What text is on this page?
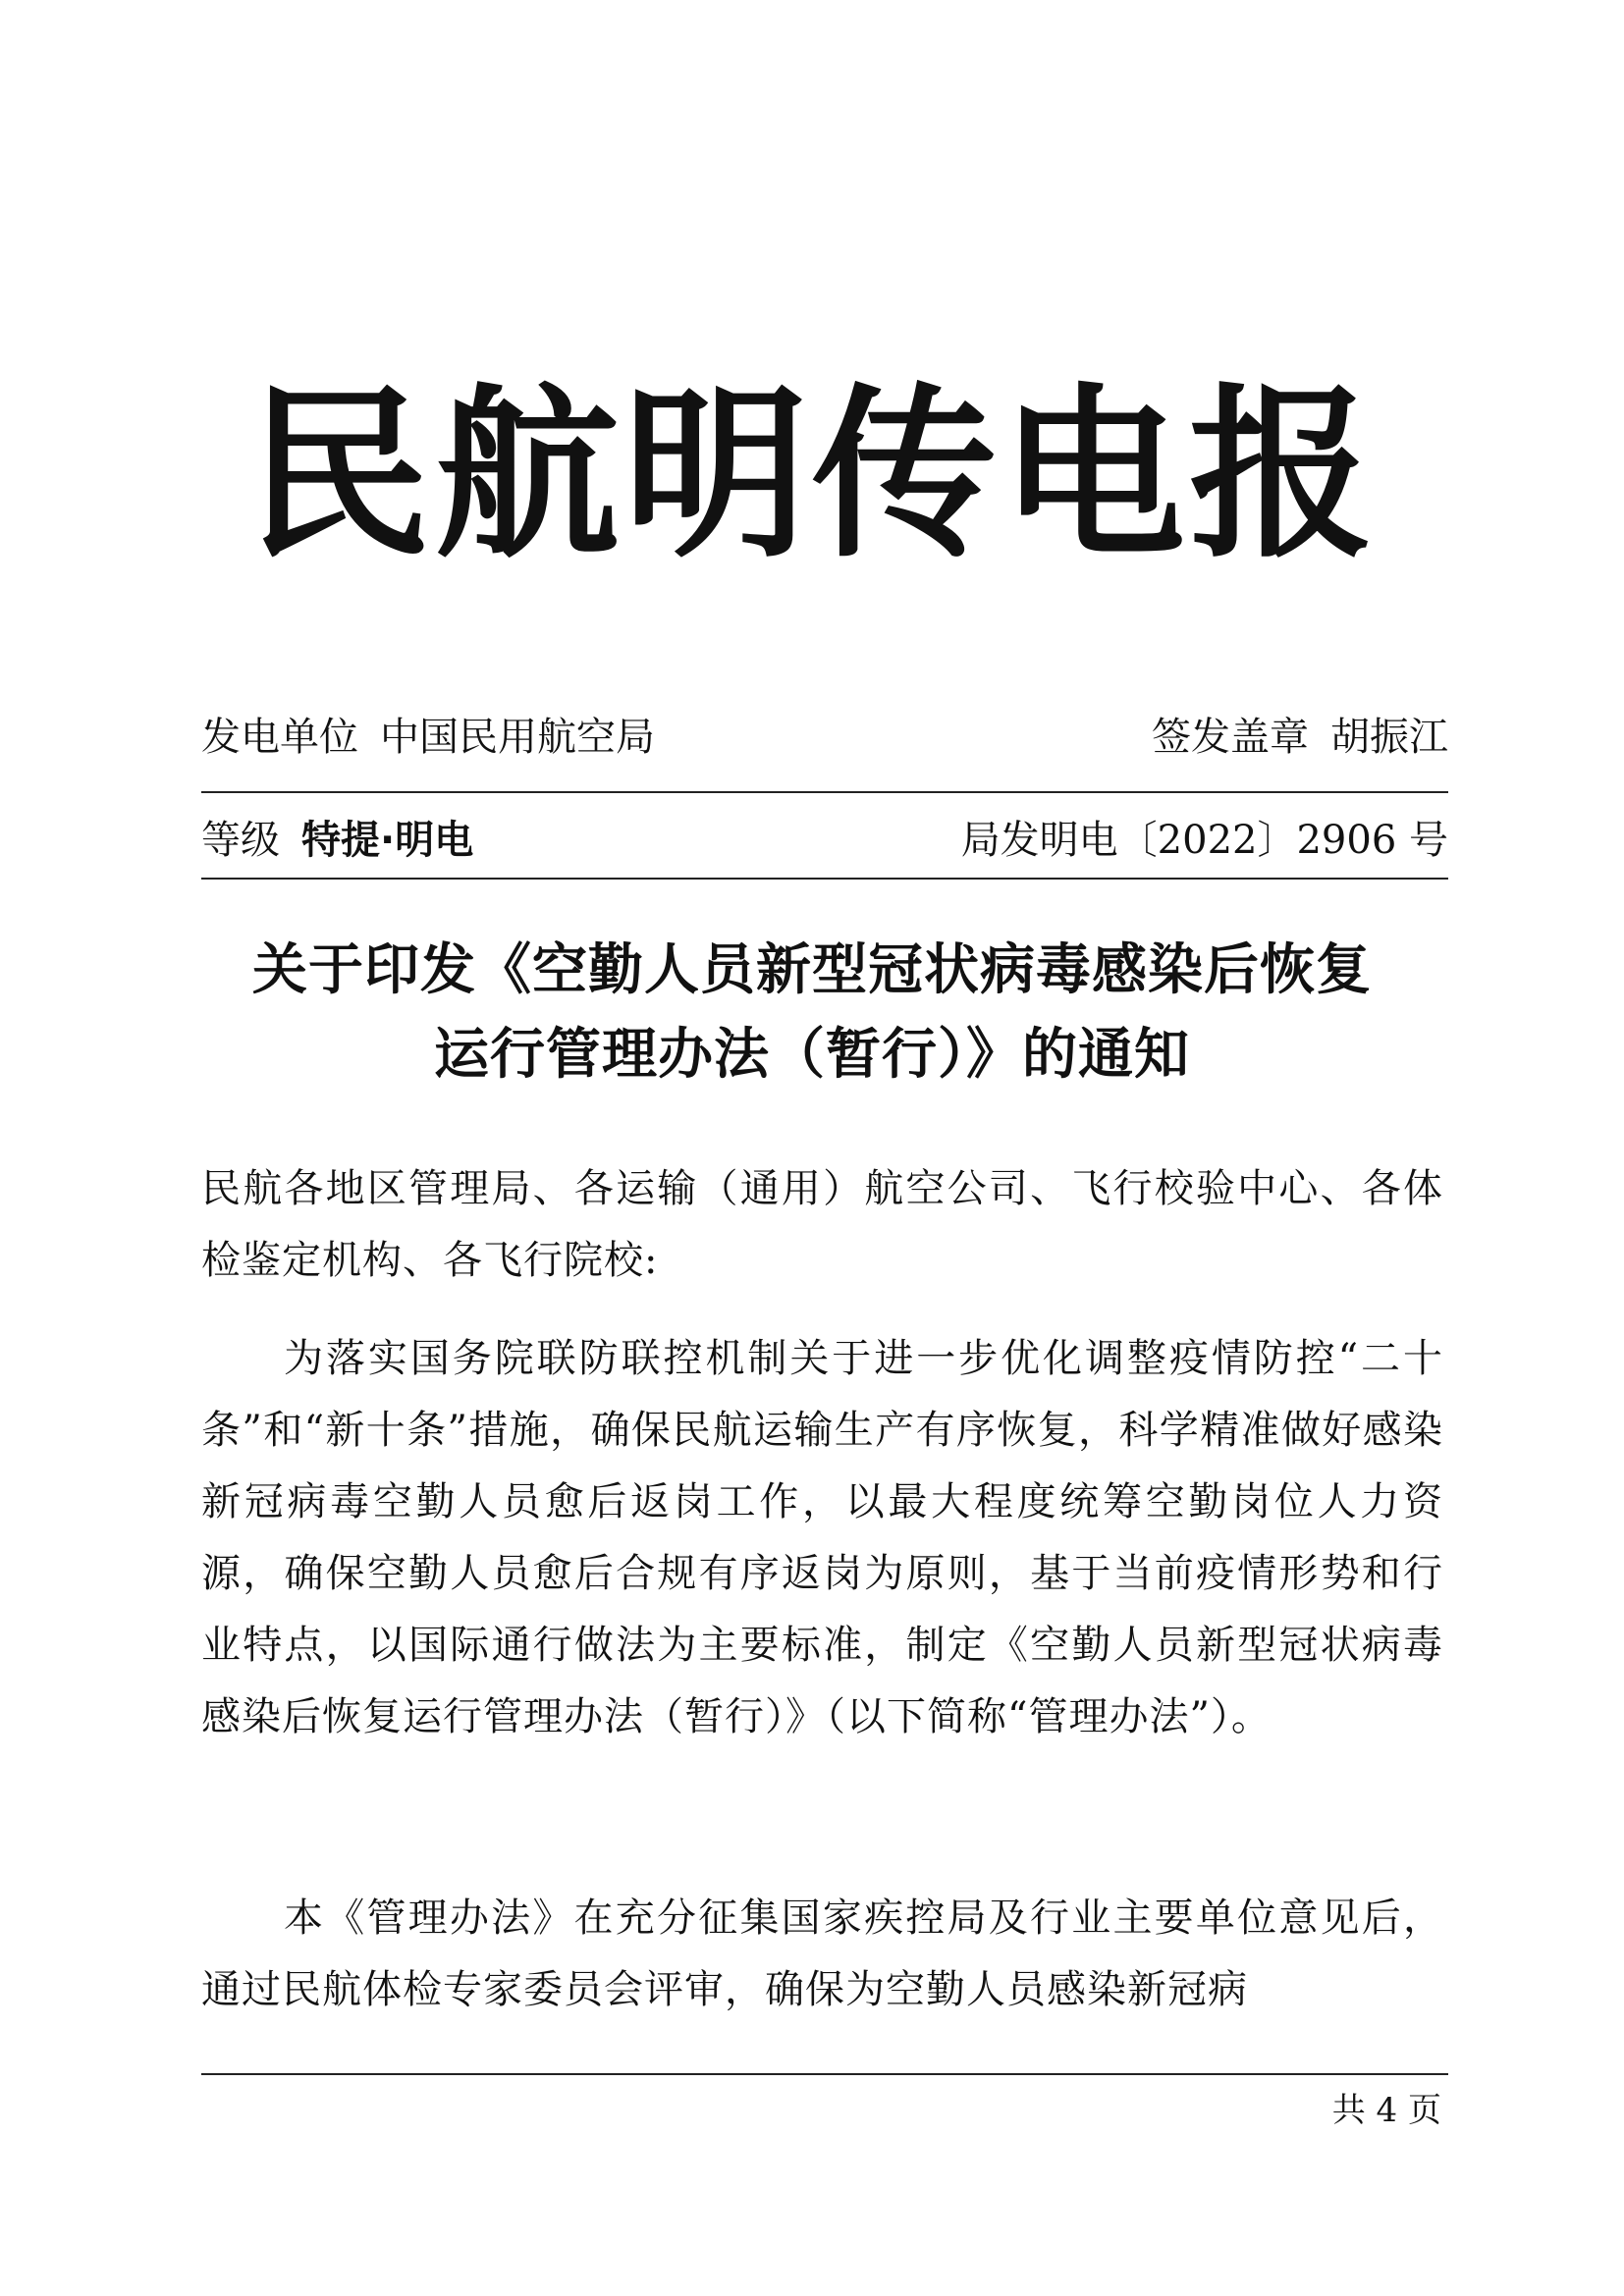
民航明传电报
发电单位 中国民用航空局	签发盖章 胡振江
等级 特提·明电	局发明电〔2022〕2906 号
关于印发《空勤人员新型冠状病毒感染后恢复
运行管理办法（暂行）》的通知
民航各地区管理局、各运输（通用）航空公司、飞行校验中心、各体检鉴定机构、各飞行院校:
为落实国务院联防联控机制关于进一步优化调整疫情防控“二十条”和“新十条”措施，确保民航运输生产有序恢复，科学精准做好感染新冠病毒空勤人员愈后返岗工作，以最大程度统筹空勤岗位人力资源，确保空勤人员愈后合规有序返岗为原则，基于当前疫情形势和行业特点，以国际通行做法为主要标准，制定《空勤人员新型冠状病毒感染后恢复运行管理办法（暂行）》（以下简称“管理办法”）。
本《管理办法》在充分征集国家疾控局及行业主要单位意见后，通过民航体检专家委员会评审，确保为空勤人员感染新冠病
共 4 页
